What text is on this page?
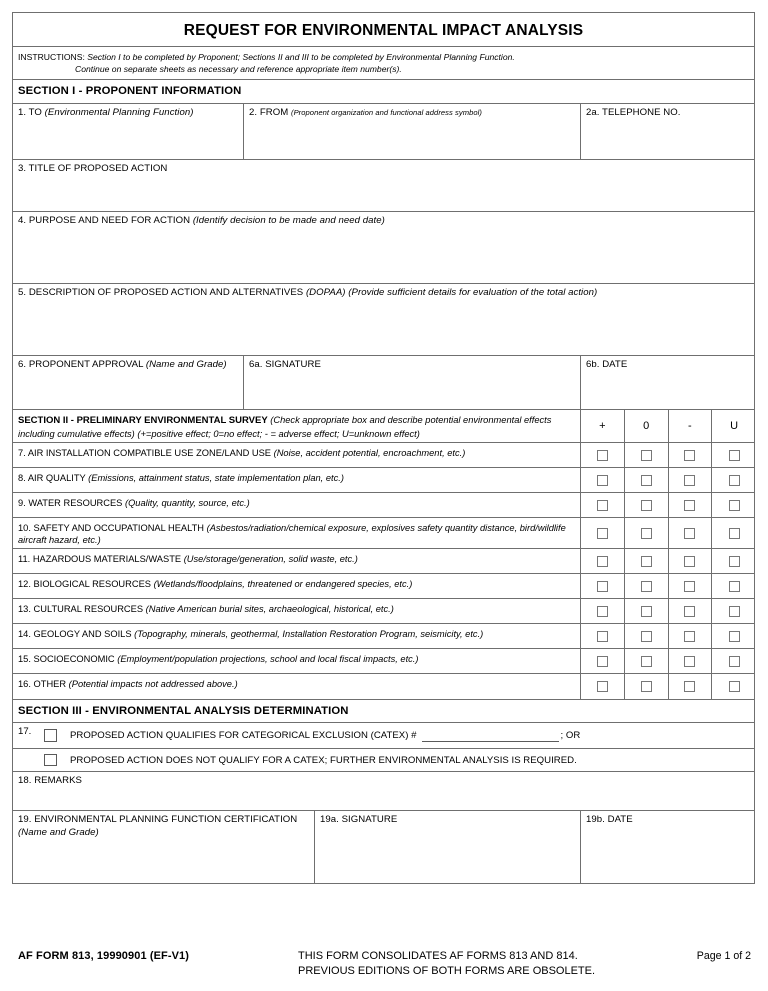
REQUEST FOR ENVIRONMENTAL IMPACT ANALYSIS
INSTRUCTIONS: Section I to be completed by Proponent; Sections II and III to be completed by Environmental Planning Function.
Continue on separate sheets as necessary and reference appropriate item number(s).
SECTION I - PROPONENT INFORMATION
1. TO (Environmental Planning Function)	2. FROM (Proponent organization and functional address symbol)	2a. TELEPHONE NO.
3. TITLE OF PROPOSED ACTION
4. PURPOSE AND NEED FOR ACTION (Identify decision to be made and need date)
5. DESCRIPTION OF PROPOSED ACTION AND ALTERNATIVES (DOPAA) (Provide sufficient details for evaluation of the total action)
6. PROPONENT APPROVAL (Name and Grade)	6a. SIGNATURE	6b. DATE
SECTION II - PRELIMINARY ENVIRONMENTAL SURVEY (Check appropriate box and describe potential environmental effects including cumulative effects) (+=positive effect; 0=no effect; - = adverse effect; U=unknown effect)
+	0	-	U
7. AIR INSTALLATION COMPATIBLE USE ZONE/LAND USE (Noise, accident potential, encroachment, etc.)
8. AIR QUALITY (Emissions, attainment status, state implementation plan, etc.)
9. WATER RESOURCES (Quality, quantity, source, etc.)
10. SAFETY AND OCCUPATIONAL HEALTH (Asbestos/radiation/chemical exposure, explosives safety quantity distance, bird/wildlife aircraft hazard, etc.)
11. HAZARDOUS MATERIALS/WASTE (Use/storage/generation, solid waste, etc.)
12. BIOLOGICAL RESOURCES (Wetlands/floodplains, threatened or endangered species, etc.)
13. CULTURAL RESOURCES (Native American burial sites, archaeological, historical, etc.)
14. GEOLOGY AND SOILS (Topography, minerals, geothermal, Installation Restoration Program, seismicity, etc.)
15. SOCIOECONOMIC (Employment/population projections, school and local fiscal impacts, etc.)
16. OTHER (Potential impacts not addressed above.)
SECTION III - ENVIRONMENTAL ANALYSIS DETERMINATION
17.	PROPOSED ACTION QUALIFIES FOR CATEGORICAL EXCLUSION (CATEX) #	; OR
PROPOSED ACTION DOES NOT QUALIFY FOR A CATEX; FURTHER ENVIRONMENTAL ANALYSIS IS REQUIRED.
18. REMARKS
19. ENVIRONMENTAL PLANNING FUNCTION CERTIFICATION
(Name and Grade)
19a. SIGNATURE	19b. DATE
AF FORM 813, 19990901 (EF-V1)	THIS FORM CONSOLIDATES AF FORMS 813 AND 814.
PREVIOUS EDITIONS OF BOTH FORMS ARE OBSOLETE.
Page 1 of 2
